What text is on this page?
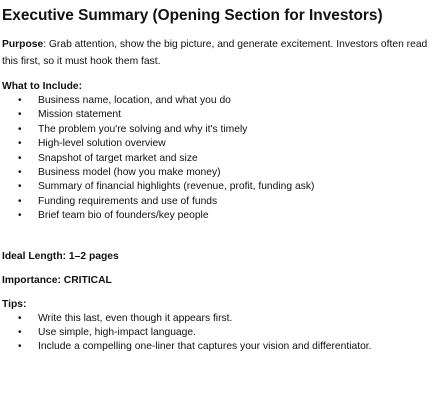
Executive Summary (Opening Section for Investors)

Purpose: Grab attention, show the big picture, and generate excitement. Investors often read this first, so it must hook them fast.

What to Include:
• Business name, location, and what you do
• Mission statement
• The problem you're solving and why it's timely
• High-level solution overview
• Snapshot of target market and size
• Business model (how you make money)
• Summary of financial highlights (revenue, profit, funding ask)
• Funding requirements and use of funds
• Brief team bio of founders/key people
Ideal Length: 1–2 pages
Importance: CRITICAL
Tips:
• Write this last, even though it appears first.
• Use simple, high-impact language.
• Include a compelling one-liner that captures your vision and differentiator.
